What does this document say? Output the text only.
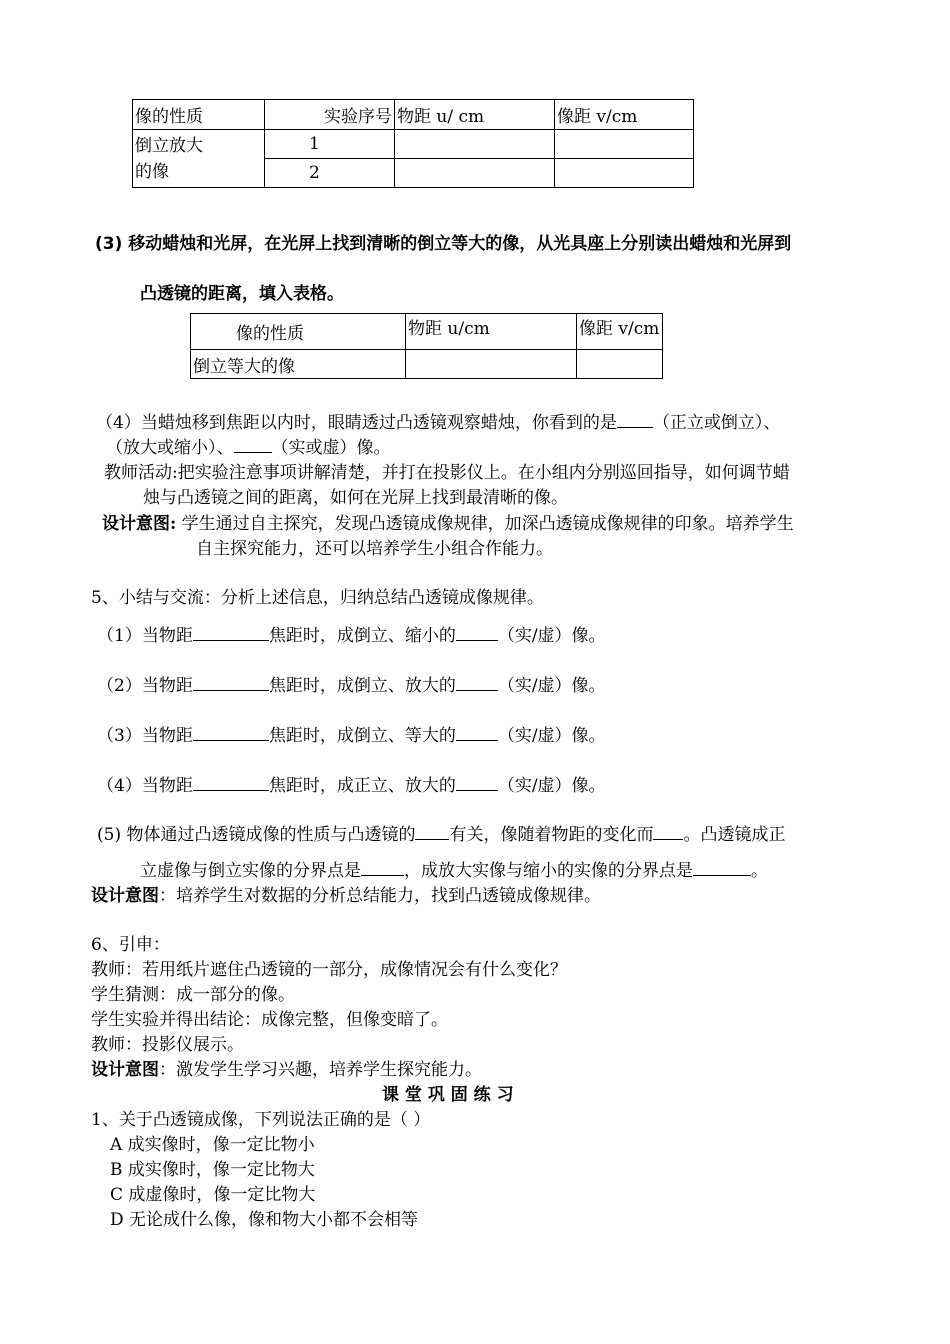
像的性质	实验序号	物距 u/ cm	像距 v/cm
倒立放大
的像	1		
	2		
(3) 移动蜡烛和光屏，在光屏上找到清晰的倒立等大的像，从光具座上分别读出蜡烛和光屏到
凸透镜的距离，填入表格。
像的性质	物距 u/cm	像距 v/cm
倒立等大的像		
（4）当蜡烛移到焦距以内时，眼睛透过凸透镜观察蜡烛，你看到的是 （正立或倒立）、
（放大或缩小）、 （实或虚）像。
教师活动:把实验注意事项讲解清楚，并打在投影仪上。在小组内分别巡回指导，如何调节蜡
烛与凸透镜之间的距离，如何在光屏上找到最清晰的像。
设计意图: 学生通过自主探究，发现凸透镜成像规律，加深凸透镜成像规律的印象。培养学生
自主探究能力，还可以培养学生小组合作能力。
5、小结与交流：分析上述信息，归纳总结凸透镜成像规律。
（1）当物距	焦距时，成倒立、缩小的 （实/虚）像。
（2）当物距	焦距时，成倒立、放大的 （实/虚）像。
（3）当物距	焦距时，成倒立、等大的 （实/虚）像。
（4）当物距	焦距时，成正立、放大的 （实/虚）像。
(5) 物体通过凸透镜成像的性质与凸透镜的 有关，像随着物距的变化而 。凸透镜成正
立虚像与倒立实像的分界点是	，成放大实像与缩小的实像的分界点是	。
设计意图：培养学生对数据的分析总结能力，找到凸透镜成像规律。
6、引申：
教师：若用纸片遮住凸透镜的一部分，成像情况会有什么变化？
学生猜测：成一部分的像。
学生实验并得出结论：成像完整，但像变暗了。
教师：投影仪展示。
设计意图：激发学生学习兴趣，培养学生探究能力。
课 堂 巩 固 练 习
1、关于凸透镜成像，下列说法正确的是（ ）
A 成实像时，像一定比物小
B 成实像时，像一定比物大
C 成虚像时，像一定比物大
D 无论成什么像，像和物大小都不会相等
